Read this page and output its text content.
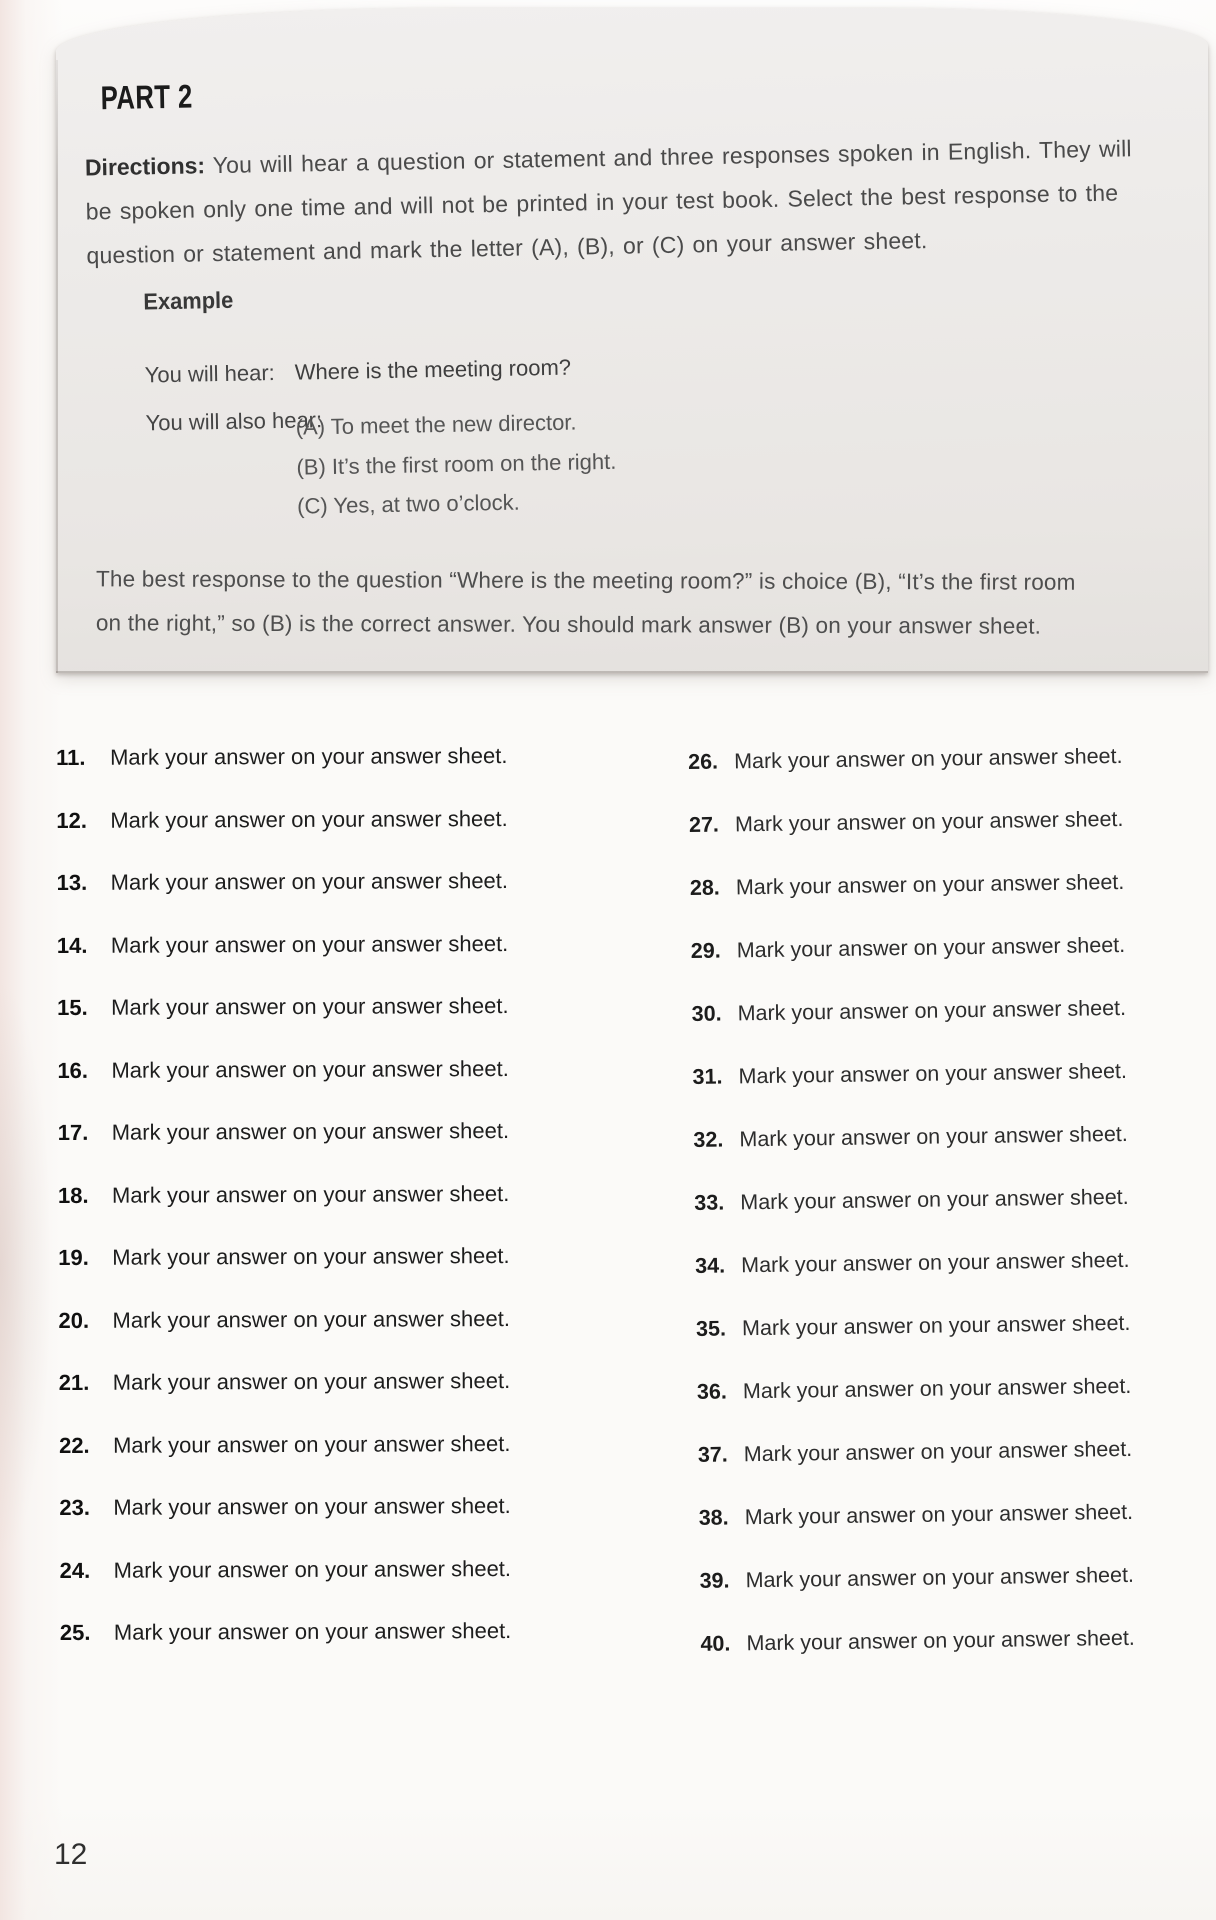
PART 2
Directions: You will hear a question or statement and three responses spoken in English. They will
be spoken only one time and will not be printed in your test book. Select the best response to the
question or statement and mark the letter (A), (B), or (C) on your answer sheet.
Example
You will hear: Where is the meeting room?
You will also hear:
(A) To meet the new director.
(B) It’s the first room on the right.
(C) Yes, at two o’clock.
The best response to the question “Where is the meeting room?” is choice (B), “It’s the first room
on the right,” so (B) is the correct answer. You should mark answer (B) on your answer sheet.
11.	Mark your answer on your answer sheet.
12.	Mark your answer on your answer sheet.
13.	Mark your answer on your answer sheet.
14.	Mark your answer on your answer sheet.
15.	Mark your answer on your answer sheet.
16.	Mark your answer on your answer sheet.
17.	Mark your answer on your answer sheet.
18.	Mark your answer on your answer sheet.
19.	Mark your answer on your answer sheet.
20.	Mark your answer on your answer sheet.
21.	Mark your answer on your answer sheet.
22.	Mark your answer on your answer sheet.
23.	Mark your answer on your answer sheet.
24.	Mark your answer on your answer sheet.
25.	Mark your answer on your answer sheet.
26. Mark your answer on your answer sheet.
27. Mark your answer on your answer sheet.
28. Mark your answer on your answer sheet.
29. Mark your answer on your answer sheet.
30. Mark your answer on your answer sheet.
31. Mark your answer on your answer sheet.
32. Mark your answer on your answer sheet.
33. Mark your answer on your answer sheet.
34. Mark your answer on your answer sheet.
35. Mark your answer on your answer sheet.
36. Mark your answer on your answer sheet.
37. Mark your answer on your answer sheet.
38. Mark your answer on your answer sheet.
39. Mark your answer on your answer sheet.
40. Mark your answer on your answer sheet.
12
